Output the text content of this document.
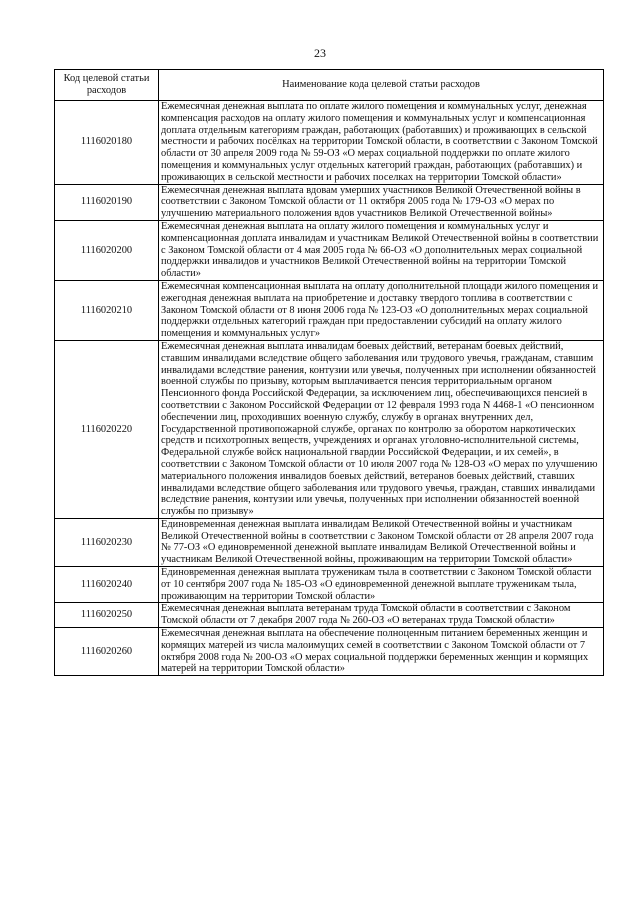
23
Код целевой статьи расходов	Наименование кода целевой статьи расходов
1116020180	Ежемесячная денежная выплата по оплате жилого помещения и коммунальных услуг, денежная компенсация расходов на оплату жилого помещения и коммунальных услуг и компенсационная доплата отдельным категориям граждан, работающих (работавших) и проживающих в сельской местности и рабочих посёлках на территории Томской области, в соответствии с Законом Томской области от 30 апреля 2009 года № 59-ОЗ «О мерах социальной поддержки по оплате жилого помещения и коммунальных услуг отдельных категорий граждан, работающих (работавших) и проживающих в сельской местности и рабочих поселках на территории Томской области»
1116020190	Ежемесячная денежная выплата вдовам умерших участников Великой Отечественной войны в соответствии с Законом Томской области от 11 октября 2005 года № 179-ОЗ «О мерах по улучшению материального положения вдов участников Великой Отечественной войны»
1116020200	Ежемесячная денежная выплата на оплату жилого помещения и коммунальных услуг и компенсационная доплата инвалидам и участникам Великой Отечественной войны в соответствии с Законом Томской области от 4 мая 2005 года № 66-ОЗ «О дополнительных мерах социальной поддержки инвалидов и участников Великой Отечественной войны на территории Томской области»
1116020210	Ежемесячная компенсационная выплата на оплату дополнительной площади жилого помещения и ежегодная денежная выплата на приобретение и доставку твердого топлива в соответствии с Законом Томской области от 8 июня 2006 года № 123-ОЗ «О дополнительных мерах социальной поддержки отдельных категорий граждан при предоставлении субсидий на оплату жилого помещения и коммунальных услуг»
1116020220	Ежемесячная денежная выплата инвалидам боевых действий, ветеранам боевых действий, ставшим инвалидами вследствие общего заболевания или трудового увечья, гражданам, ставшим инвалидами вследствие ранения, контузии или увечья, полученных при исполнении обязанностей военной службы по призыву, которым выплачивается пенсия территориальным органом Пенсионного фонда Российской Федерации, за исключением лиц, обеспечивающихся пенсией в соответствии с Законом Российской Федерации от 12 февраля 1993 года N 4468-1 «О пенсионном обеспечении лиц, проходивших военную службу, службу в органах внутренних дел, Государственной противопожарной службе, органах по контролю за оборотом наркотических средств и психотропных веществ, учреждениях и органах уголовно-исполнительной системы, Федеральной службе войск национальной гвардии Российской Федерации, и их семей», в соответствии с Законом Томской области от 10 июля 2007 года № 128-ОЗ «О мерах по улучшению материального положения инвалидов боевых действий, ветеранов боевых действий, ставших инвалидами вследствие общего заболевания или трудового увечья, граждан, ставших инвалидами вследствие ранения, контузии или увечья, полученных при исполнении обязанностей военной службы по призыву»
1116020230	Единовременная денежная выплата инвалидам Великой Отечественной войны и участникам Великой Отечественной войны в соответствии с Законом Томской области от 28 апреля 2007 года № 77-ОЗ «О единовременной денежной выплате инвалидам Великой Отечественной войны и участникам Великой Отечественной войны, проживающим на территории Томской области»
1116020240	Единовременная денежная выплата труженикам тыла в соответствии с Законом Томской области от 10 сентября 2007 года № 185-ОЗ «О единовременной денежной выплате труженикам тыла, проживающим на территории Томской области»
1116020250	Ежемесячная денежная выплата ветеранам труда Томской области в соответствии с Законом Томской области от 7 декабря 2007 года № 260-ОЗ «О ветеранах труда Томской области»
1116020260	Ежемесячная денежная выплата на обеспечение полноценным питанием беременных женщин и кормящих матерей из числа малоимущих семей в соответствии с Законом Томской области от 7 октября 2008 года № 200-ОЗ «О мерах социальной поддержки беременных женщин и кормящих матерей на территории Томской области»
